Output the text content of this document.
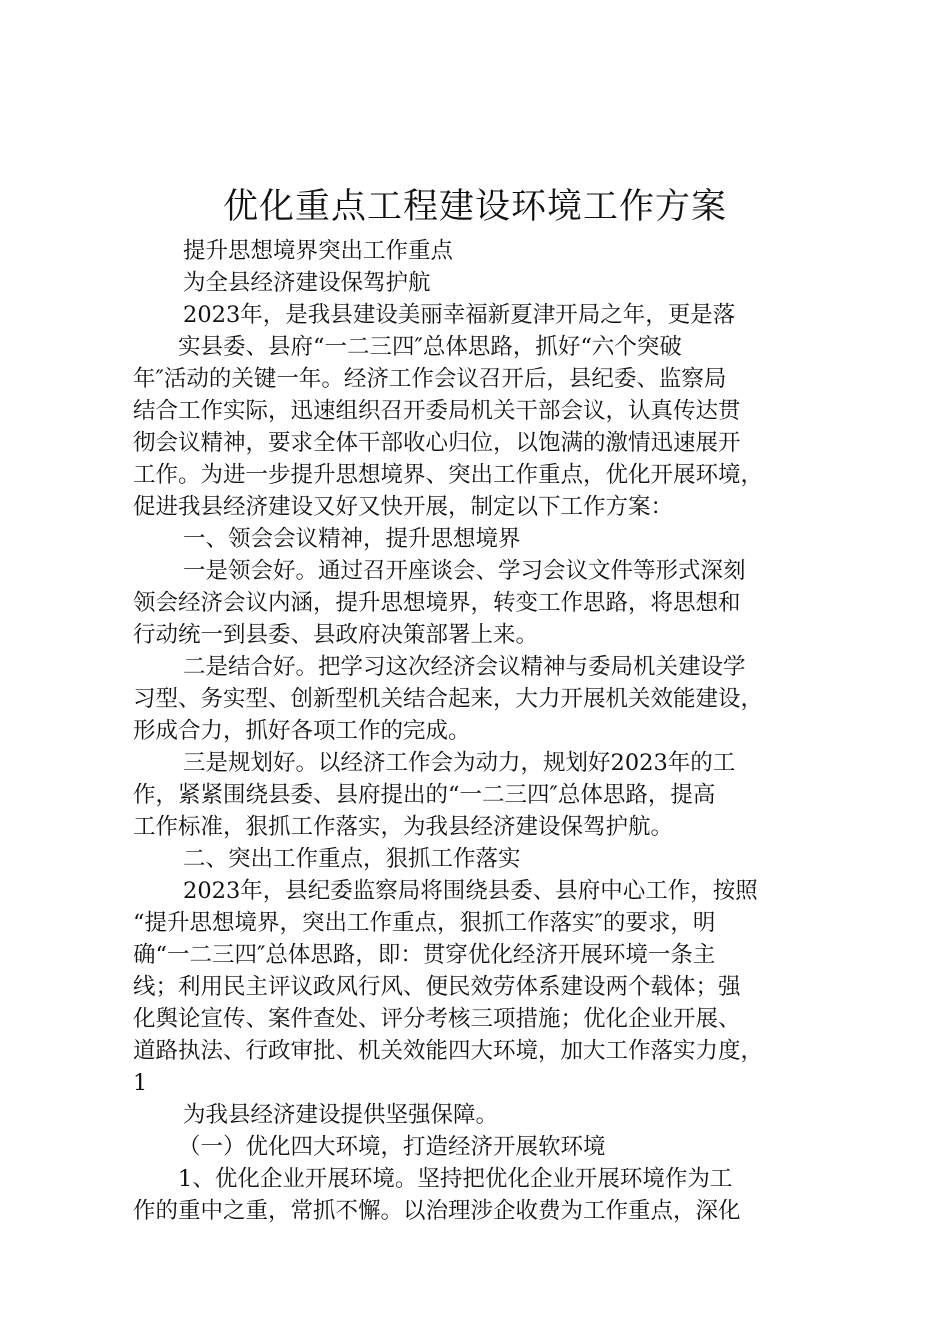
优化重点工程建设环境工作方案
提升思想境界突出工作重点
为全县经济建设保驾护航
2023年，是我县建设美丽幸福新夏津开局之年，更是落
实县委、县府“一二三四″总体思路，抓好“六个突破
年″活动的关键一年。经济工作会议召开后，县纪委、监察局
结合工作实际，迅速组织召开委局机关干部会议，认真传达贯
彻会议精神，要求全体干部收心归位，以饱满的激情迅速展开
工作。为进一步提升思想境界、突出工作重点，优化开展环境，
促进我县经济建设又好又快开展，制定以下工作方案：
一、领会会议精神，提升思想境界
一是领会好。通过召开座谈会、学习会议文件等形式深刻
领会经济会议内涵，提升思想境界，转变工作思路，将思想和
行动统一到县委、县政府决策部署上来。
二是结合好。把学习这次经济会议精神与委局机关建设学
习型、务实型、创新型机关结合起来，大力开展机关效能建设，
形成合力，抓好各项工作的完成。
三是规划好。以经济工作会为动力，规划好2023年的工
作，紧紧围绕县委、县府提出的“一二三四″总体思路，提高
工作标准，狠抓工作落实，为我县经济建设保驾护航。
二、突出工作重点，狠抓工作落实
2023年，县纪委监察局将围绕县委、县府中心工作，按照
“提升思想境界，突出工作重点，狠抓工作落实″的要求，明
确“一二三四″总体思路，即：贯穿优化经济开展环境一条主
线；利用民主评议政风行风、便民效劳体系建设两个载体；强
化舆论宣传、案件查处、评分考核三项措施；优化企业开展、
道路执法、行政审批、机关效能四大环境，加大工作落实力度，
1
为我县经济建设提供坚强保障。
（一）优化四大环境，打造经济开展软环境
1、优化企业开展环境。坚持把优化企业开展环境作为工
作的重中之重，常抓不懈。以治理涉企收费为工作重点，深化
